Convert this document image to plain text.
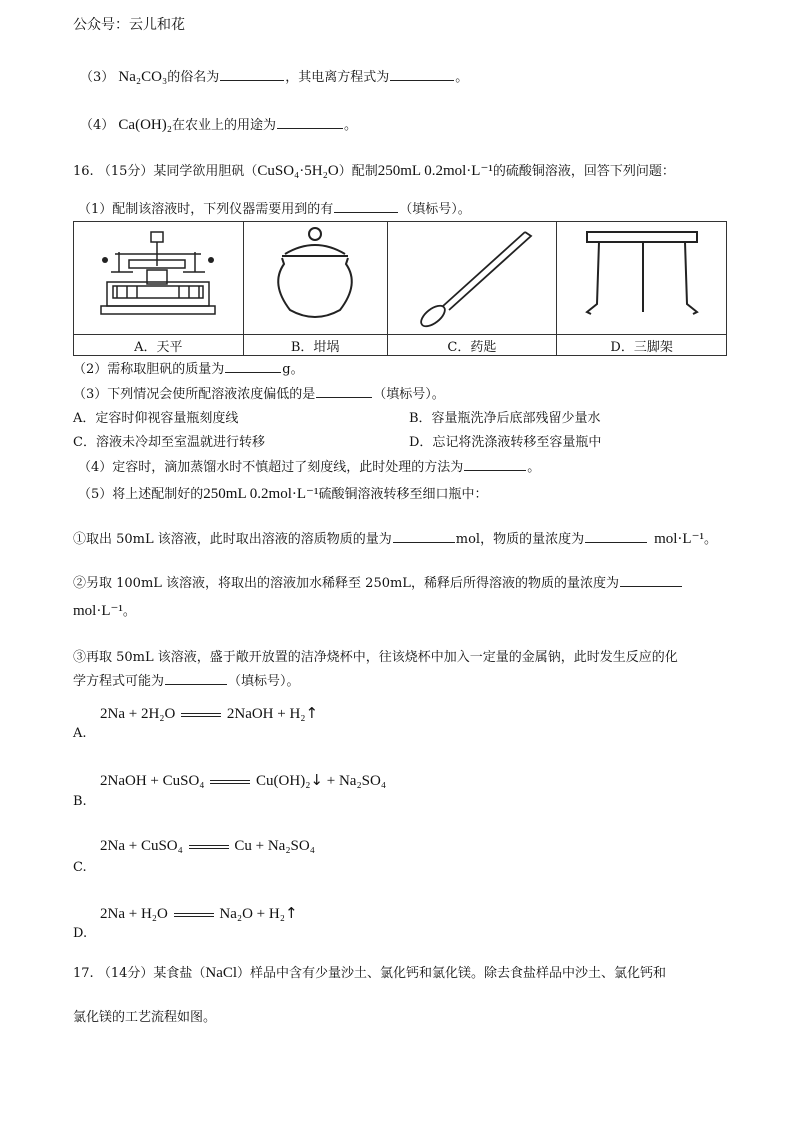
公众号：云儿和花
（3） Na₂CO₃的俗名为	，其电离方程式为	。
（4） Ca(OH)₂在农业上的用途为	。
16. （15分）某同学欲用胆矾（CuSO₄·5H₂O）配制250mL 0.2mol·L⁻¹的硫酸铜溶液，回答下列问题：
（1）配制该溶液时，下列仪器需要用到的有	（填标号）。

A．天平	B．坩埚	C．药匙	D．三脚架
（2）需称取胆矾的质量为	g。
（3）下列情况会使所配溶液浓度偏低的是	（填标号）。
A．定容时仰视容量瓶刻度线	B．容量瓶洗净后底部残留少量水
C．溶液未冷却至室温就进行转移	D．忘记将洗涤液转移至容量瓶中
（4）定容时，滴加蒸馏水时不慎超过了刻度线，此时处理的方法为	。
（5）将上述配制好的250mL 0.2mol·L⁻¹硫酸铜溶液转移至细口瓶中：
①取出 50mL 该溶液，此时取出溶液的溶质物质的量为	mol，物质的量浓度为	mol·L⁻¹。
②另取 100mL 该溶液，将取出的溶液加水稀释至 250mL，稀释后所得溶液的物质的量浓度为
mol·L⁻¹。
③再取 50mL 该溶液，盛于敞开放置的洁净烧杯中，往该烧杯中加入一定量的金属钠，此时发生反应的化
学方程式可能为	（填标号）。
2Na + 2H₂O	2NaOH + H₂↑
A.
2NaOH + CuSO₄	Cu(OH)₂↓ + Na₂SO₄
B.
2Na + CuSO₄	Cu + Na₂SO₄
C.
2Na + H₂O	Na₂O + H₂↑
D.
17. （14分）某食盐（NaCl）样品中含有少量沙土、氯化钙和氯化镁。除去食盐样品中沙土、氯化钙和
氯化镁的工艺流程如图。
